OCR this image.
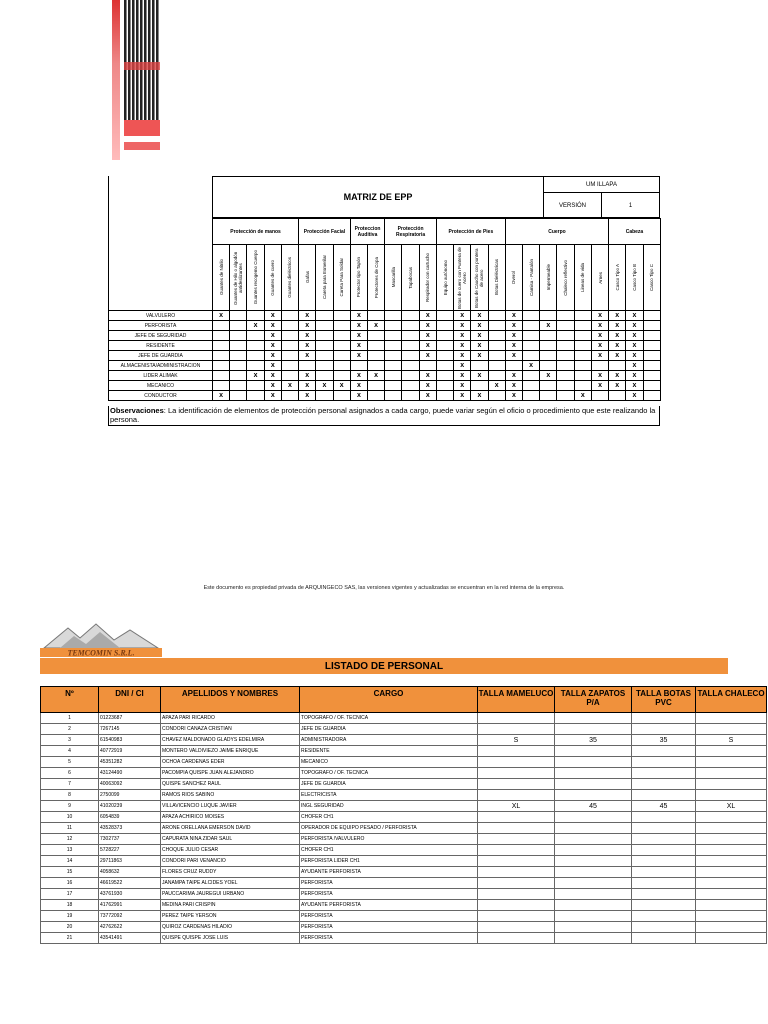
MATRIZ DE EPP
UM ILLAPA
VERSIÓN	1
	Protección de manos					Protección Facial			Proteccion Auditiva		Protección Respiratoria			Protección de Pies				Cuerpo						Cabeza		

	Guantes de Nitrilo	Guantes de Hilo o algodón antideslizantes	Guantes recogemo Cuerpo	Guantes de cuero	Guantes dieléctricos	Gafas	Careta para Esmerilar	Careta Para Soldar	Protector tipo Tapón	Protectores de Copa	Mascarilla	Tapabocas	Respirador con cartucho	Equipo autónomo	Botas de cuero con Puntera de Acero	Botas de Caucho con puntera de acero	Botas Dieléctricas	Overol	Camisa - Pantalón	Impermeable	Chaleco reflectivo	Lineas de vida	Arnes	Casco Tipo A	Casco Tipo B	Casco Tipo C

VALVULERO	x			x		x			x				x		x	x		x					x	x	x	
PERFORISTA			x	x		x			x	x			x		x	x		x		x			x	x	x	
JEFE DE SEGURIDAD				x		x			x				x		x	x		x					x	x	x	
RESIDENTE				x		x			x				x		x	x		x					x	x	x	
JEFE DE GUARDIA				x		x			x				x		x	x		x					x	x	x	
ALMACENISTA/ADMINISTRACION				x											x				x						x	
LIDER ALIMAK			x	x		x			x	x			x		x	x		x		x			x	x	x	
MECANICO				x	x	x	x	x	x				x		x		x	x					x	x	x	
CONDUCTOR	x			x		x			x				x		x	x		x				x			x	
Observaciones: La identificación de elementos de protección personal asignados a cada cargo, puede variar según el oficio o procedimiento que este realizando la persona.
Este documento es propiedad privada de ARQUINGECO SAS, las versiones vigentes y actualizadas se encuentran en la red interna de la empresa.
TEMCOMIN S.R.L.
LISTADO DE PERSONAL
Nº	DNI / CI	APELLIDOS Y NOMBRES	CARGO	TALLA MAMELUCO	TALLA ZAPATOS P/A	TALLA BOTAS PVC	TALLA CHALECO
1	01223687	APAZA PARI RICARDO	TOPOGRAFO / OF. TECNICA				
2	7267145	CONDORI CANAZA CRISTIAN	JEFE DE GUARDIA				
3	61540983	CHAVEZ MALDONADO GLADYS EDELMIRA	ADMINISTRADORA	S	35	35	S
4	40772919	MONTERO VALDIVIEZO JAIME ENRIQUE	RESIDENTE				
5	45351282	OCHOA CARDENAS EDER	MECANICO				
6	43124490	PACOMPIA QUISPE JUAN ALEJANDRO	TOPOGRAFO / OF. TECNICA				
7	40063092	QUISPE SANCHEZ RAUL	JEFE DE GUARDIA				
8	2750099	RAMOS RIOS SABINO	ELECTRICISTA				
9	41020239	VILLAVICENCIO LUQUE JAVIER	INGL SEGURIDAD	XL	45	45	XL
10	6054839	APAZA ACHIRICO MOISES	CHOFER CH1				
11	43528373	ARONE ORELLANA EMERSON DAVID	OPERADOR DE EQUIPO PESADO / PERFORISTA				
12	7302737	CAPURATA NINA ZIDAR SAUL	PERFORISTA /VALVULERO				
13	5728227	CHOQUE JULIO CESAR	CHOFER CH1				
14	29711863	CONDORI PARI VENANCIO	PERFORISTA LIDER CH1				
15	4058632	FLORES CRUZ RUDDY	AYUDANTE PERFORISTA				
16	46619522	JANAMPA TAIPE ALCIDES YOEL	PERFORISTA				
17	43761930	PAUCCARIMA JAUREGUI URBANO	PERFORISTA				
18	41762991	MEDINA PARI CRISPIN	AYUDANTE PERFORISTA				
19	73772092	PEREZ TAIPE YERSON	PERFORISTA				
20	42762622	QUIROZ CARDENAS HILADIO	PERFORISTA				
21	43541491	QUISPE QUISPE JOSE LUIS	PERFORISTA				
